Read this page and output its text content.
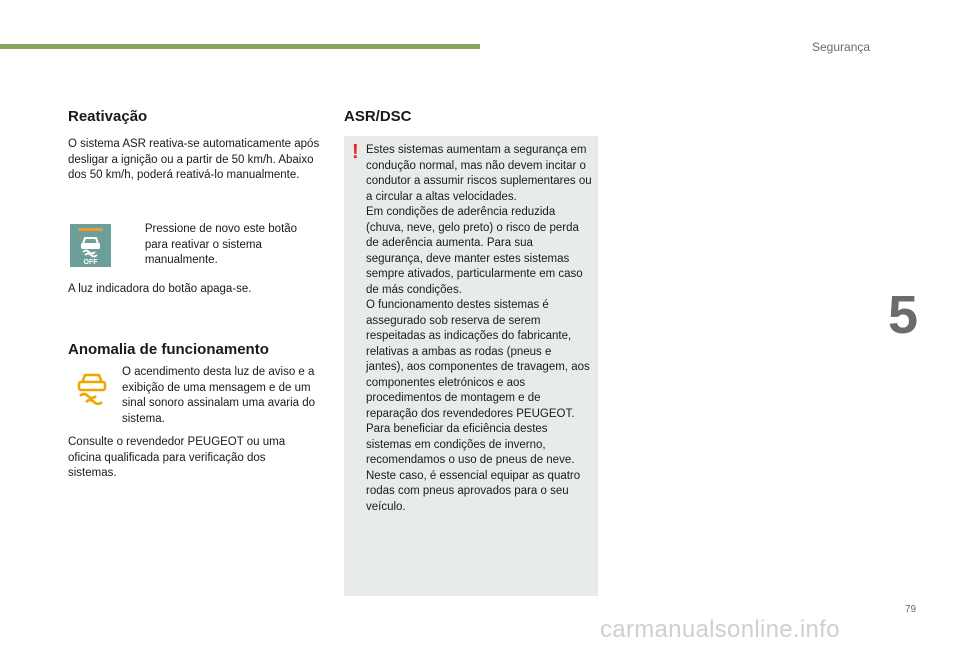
Segurança
5
79
Reativação

O sistema ASR reativa-se automaticamente após desligar a ignição ou a partir de 50 km/h. Abaixo dos 50 km/h, poderá reativá-lo manualmente.

OFF

Pressione de novo este botão para reativar o sistema manualmente.

A luz indicadora do botão apaga-se.

Anomalia de funcionamento

O acendimento desta luz de aviso e a exibição de uma mensagem e de um sinal sonoro assinalam uma avaria do sistema.

Consulte o revendedor PEUGEOT ou uma oficina qualificada para verificação dos sistemas.

ASR/DSC
! Estes sistemas aumentam a segurança em condução normal, mas não devem incitar o condutor a assumir riscos suplementares ou a circular a altas velocidades.
Em condições de aderência reduzida (chuva, neve, gelo preto) o risco de perda de aderência aumenta. Para sua segurança, deve manter estes sistemas sempre ativados, particularmente em caso de más condições.
O funcionamento destes sistemas é assegurado sob reserva de serem respeitadas as indicações do fabricante, relativas a ambas as rodas (pneus e jantes), aos componentes de travagem, aos componentes eletrónicos e aos procedimentos de montagem e de reparação dos revendedores PEUGEOT.
Para beneficiar da eficiência destes sistemas em condições de inverno, recomendamos o uso de pneus de neve. Neste caso, é essencial equipar as quatro rodas com pneus aprovados para o seu veículo.

carmanualsonline.info
